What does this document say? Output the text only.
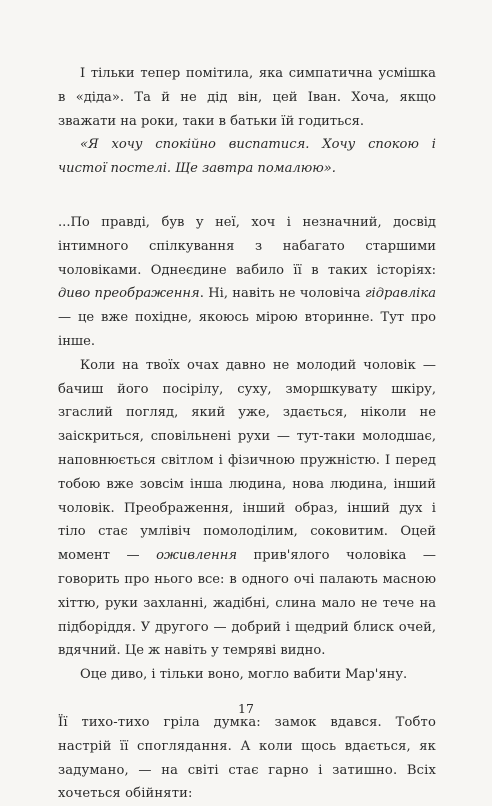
І тільки тепер помітила, яка симпатична усмішка в «діда». Та й не дід він, цей Іван. Хоча, якщо зважати на роки, таки в батьки їй годиться.

«Я хочу спокійно виспатися. Хочу спокою і чистої постелі. Ще завтра помалюю».

...По правді, був у неї, хоч і незначний, досвід інтимного спілкування з набагато старшими чоловіками. Однеєдине вабило її в таких історіях: диво преображення. Ні, навіть не чоловіча гідравліка — це вже похідне, якоюсь мірою вторинне. Тут про інше.

Коли на твоїх очах давно не молодий чоловік — бачиш його посірілу, суху, зморшкувату шкіру, згаслий погляд, який уже, здається, ніколи не заіскриться, сповільнені рухи — тут-таки молодшає, наповнюється світлом і фізичною пружністю. І перед тобою вже зовсім інша людина, нова людина, інший чоловік. Преображення, інший образ, інший дух і тіло стає умлівіч помолоділим, соковитим. Оцей момент — оживлення прив'ялого чоловіка — говорить про нього все: в одного очі палають масною хіттю, руки захланні, жадібні, слина мало не тече на підборіддя. У другого — добрий і щедрий блиск очей, вдячний. Це ж навіть у темряві видно.

Оце диво, і тільки воно, могло вабити Мар'яну.

Її тихо-тихо гріла думка: замок вдався. Тобто настрій її споглядання. А коли щось вдається, як задумано, — на світі стає гарно і затишно. Всіх хочеться обійняти:

17
